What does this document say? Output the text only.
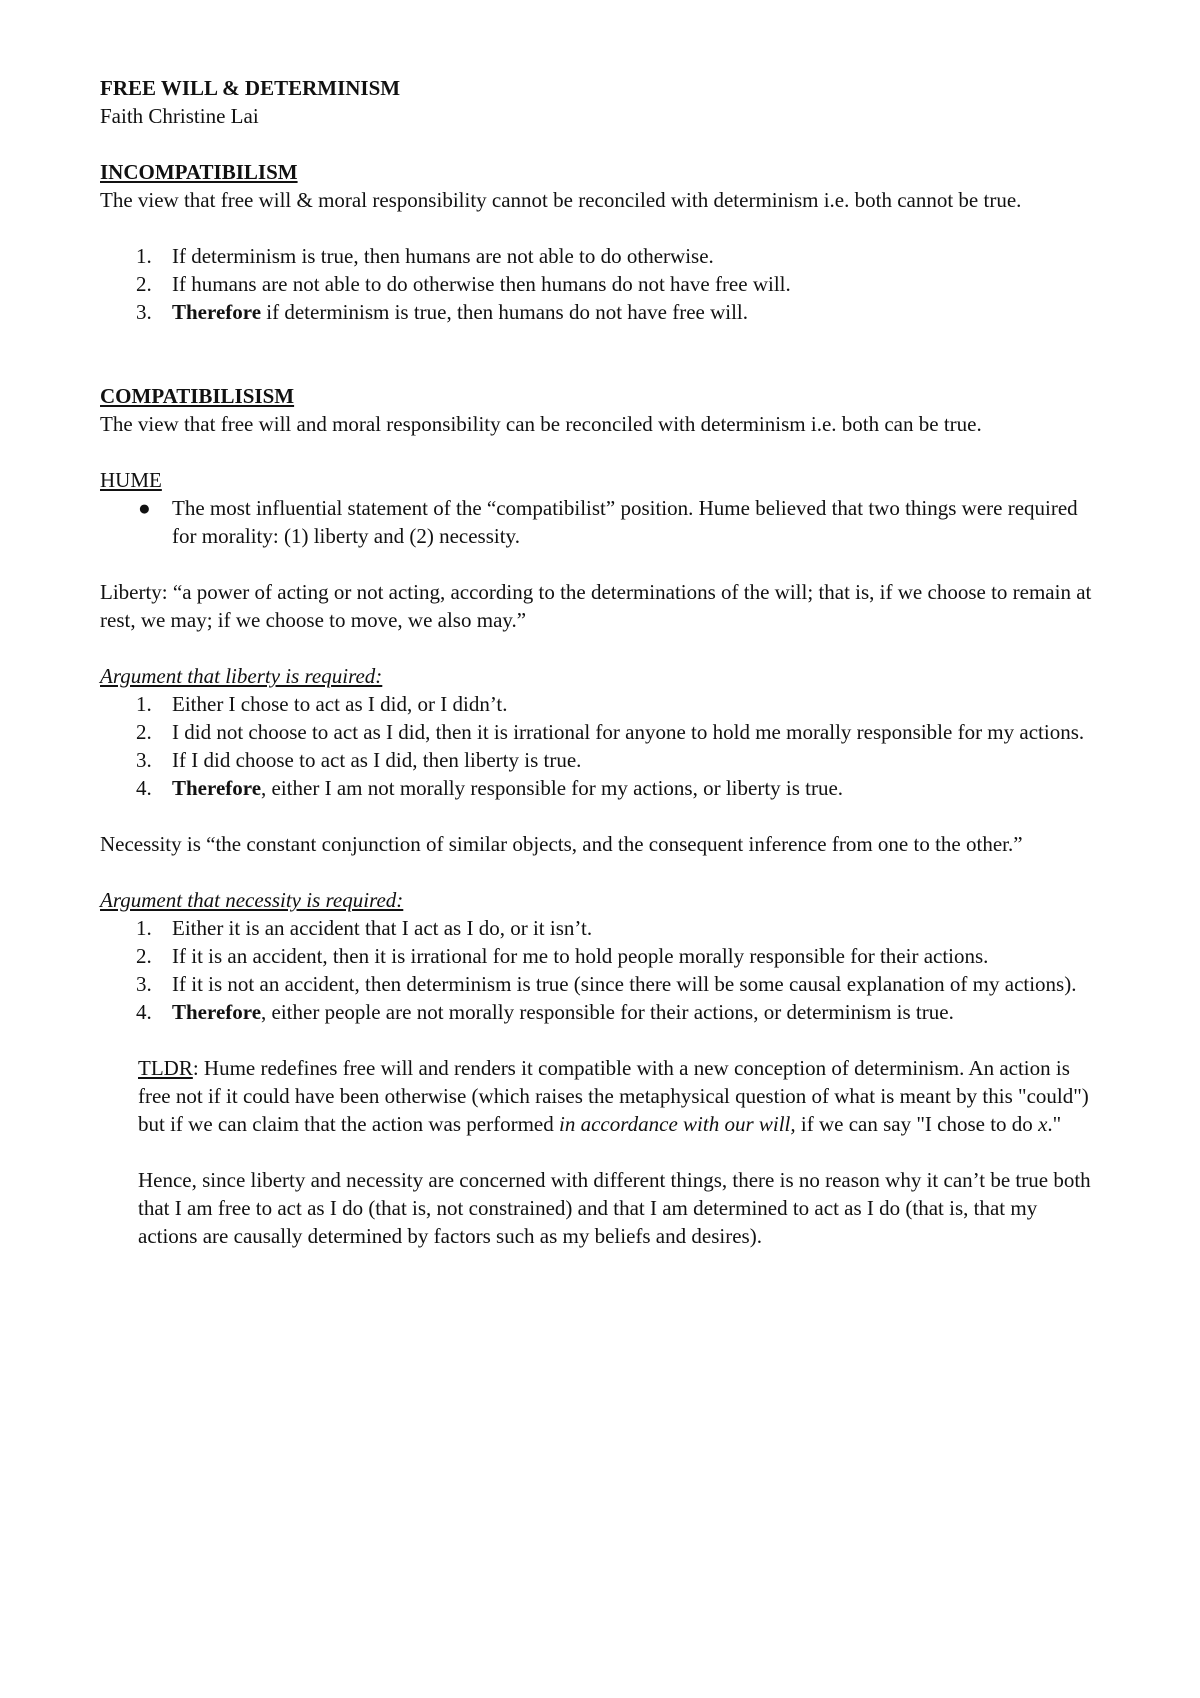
FREE WILL & DETERMINISM

Faith Christine Lai

INCOMPATIBILISM

The view that free will & moral responsibility cannot be reconciled with determinism i.e. both cannot be true.

1. If determinism is true, then humans are not able to do otherwise.
2. If humans are not able to do otherwise then humans do not have free will.
3. Therefore if determinism is true, then humans do not have free will.

COMPATIBILISISM

The view that free will and moral responsibility can be reconciled with determinism i.e. both can be true.

HUME

● The most influential statement of the “compatibilist” position. Hume believed that two things were required for morality: (1) liberty and (2) necessity.

Liberty: “a power of acting or not acting, according to the determinations of the will; that is, if we choose to remain at rest, we may; if we choose to move, we also may.”

Argument that liberty is required:

1. Either I chose to act as I did, or I didn’t.
2. I did not choose to act as I did, then it is irrational for anyone to hold me morally responsible for my actions.
3. If I did choose to act as I did, then liberty is true.
4. Therefore, either I am not morally responsible for my actions, or liberty is true.

Necessity is “the constant conjunction of similar objects, and the consequent inference from one to the other.”

Argument that necessity is required:

1. Either it is an accident that I act as I do, or it isn’t.
2. If it is an accident, then it is irrational for me to hold people morally responsible for their actions.
3. If it is not an accident, then determinism is true (since there will be some causal explanation of my actions).
4. Therefore, either people are not morally responsible for their actions, or determinism is true.

TLDR: Hume redefines free will and renders it compatible with a new conception of determinism. An action is free not if it could have been otherwise (which raises the metaphysical question of what is meant by this "could") but if we can claim that the action was performed in accordance with our will, if we can say "I chose to do x."

Hence, since liberty and necessity are concerned with different things, there is no reason why it can’t be true both that I am free to act as I do (that is, not constrained) and that I am determined to act as I do (that is, that my actions are causally determined by factors such as my beliefs and desires).
